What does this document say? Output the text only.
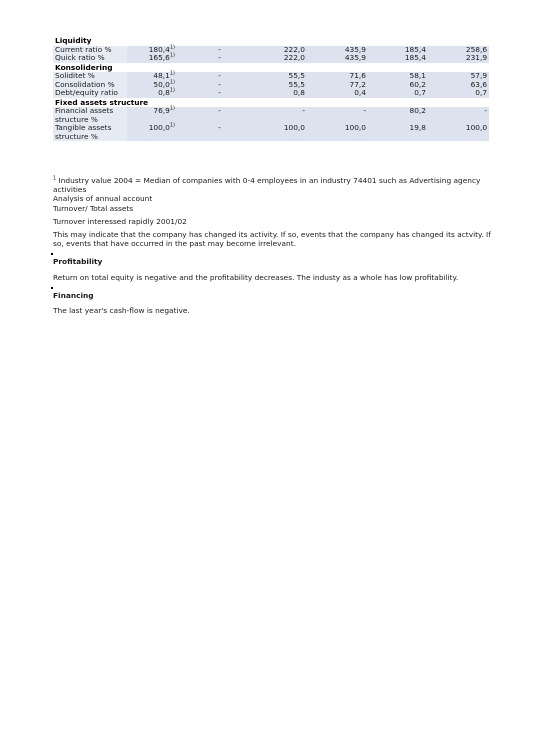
Liquidity						
Current ratio %	180,4$^{1)}$	-	222,0	435,9	185,4	258,6
Quick ratio %	165,6$^{1)}$	-	222,0	435,9	185,4	231,9
Konsolidering						
Soliditet %	48,1$^{1)}$	-	55,5	71,6	58,1	57,9
Consolidation %	50,0$^{1)}$	-	55,5	77,2	60,2	63,6
Debt/equity ratio	0,8$^{1)}$	-	0,8	0,4	0,7	0,7
Fixed assets structure						
Financial assets structure %	76,9$^{1)}$	-	-	-	80,2	-
Tangible assets structure %	100,0$^{1)}$	-	100,0	100,0	19,8	100,0

$^1$ Industry value 2004 = Median of companies with 0-4 employees in an industry 74401 such as Advertising agency activities

Analysis of annual account

Turnover/ Total assets

Turnover interessed rapidly 2001/02

This may indicate that the company has changed its activity. If so, events that the company has changed its actvity. If so, events that have occurred in the past may become irrelevant.

Profitability

Return on total equity is negative and the profitability decreases. The industy as a whole has low profitability.

Financing

The last year's cash-flow is negative.
